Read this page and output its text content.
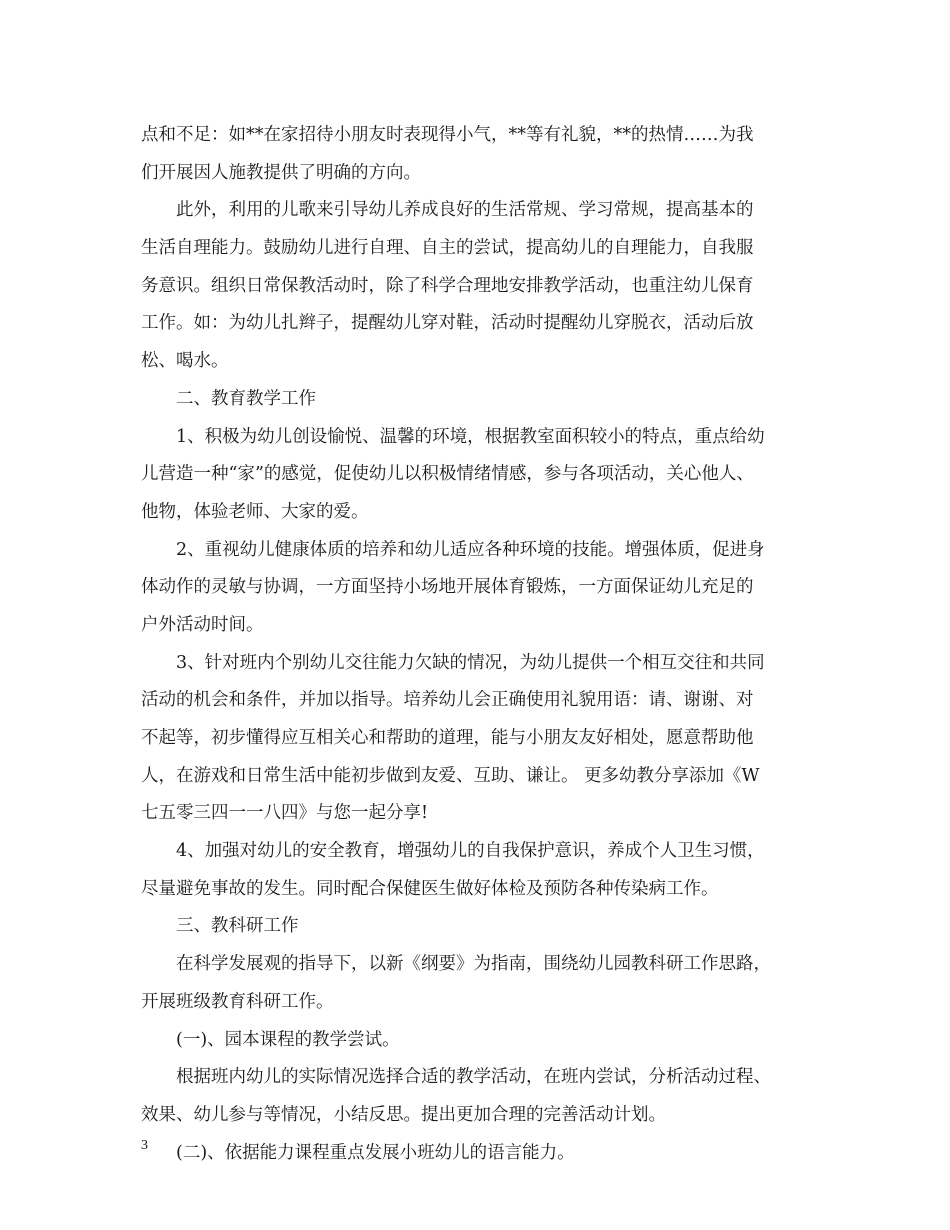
点和不足：如**在家招待小朋友时表现得小气，**等有礼貌，**的热情……为我
们开展因人施教提供了明确的方向。
此外，利用的儿歌来引导幼儿养成良好的生活常规、学习常规，提高基本的
生活自理能力。鼓励幼儿进行自理、自主的尝试，提高幼儿的自理能力，自我服
务意识。组织日常保教活动时，除了科学合理地安排教学活动，也重注幼儿保育
工作。如：为幼儿扎辫子，提醒幼儿穿对鞋，活动时提醒幼儿穿脱衣，活动后放
松、喝水。
二、教育教学工作
1、积极为幼儿创设愉悦、温馨的环境，根据教室面积较小的特点，重点给幼
儿营造一种“家”的感觉，促使幼儿以积极情绪情感，参与各项活动，关心他人、
他物，体验老师、大家的爱。
2、重视幼儿健康体质的培养和幼儿适应各种环境的技能。增强体质，促进身
体动作的灵敏与协调，一方面坚持小场地开展体育锻炼，一方面保证幼儿充足的
户外活动时间。
3、针对班内个别幼儿交往能力欠缺的情况，为幼儿提供一个相互交往和共同
活动的机会和条件，并加以指导。培养幼儿会正确使用礼貌用语：请、谢谢、对
不起等，初步懂得应互相关心和帮助的道理，能与小朋友友好相处，愿意帮助他
人，在游戏和日常生活中能初步做到友爱、互助、谦让。 更多幼教分享添加《W
七五零三四一一八四》与您一起分享!
4、加强对幼儿的安全教育，增强幼儿的自我保护意识，养成个人卫生习惯，
尽量避免事故的发生。同时配合保健医生做好体检及预防各种传染病工作。
三、教科研工作
在科学发展观的指导下，以新《纲要》为指南，围绕幼儿园教科研工作思路，
开展班级教育科研工作。
(一)、园本课程的教学尝试。
根据班内幼儿的实际情况选择合适的教学活动，在班内尝试，分析活动过程、
效果、幼儿参与等情况，小结反思。提出更加合理的完善活动计划。
(二)、依据能力课程重点发展小班幼儿的语言能力。
3
